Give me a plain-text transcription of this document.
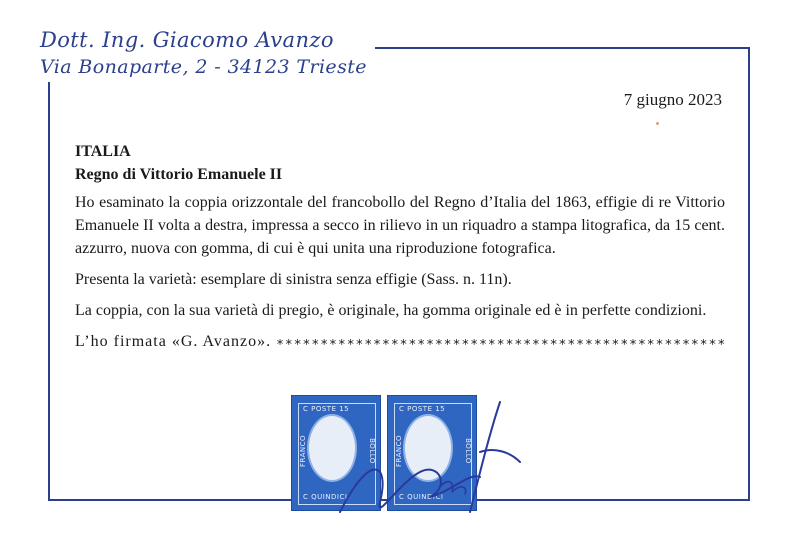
Dott. Ing. Giacomo Avanzo
Via Bonaparte, 2 - 34123 Trieste
7 giugno 2023
ITALIA
Regno di Vittorio Emanuele II

Ho esaminato la coppia orizzontale del francobollo del Regno d’Italia del 1863, effigie di re Vittorio Emanuele II volta a destra, impressa a secco in rilievo in un riquadro a stampa litografica, da 15 cent. azzurro, nuova con gomma, di cui è qui unita una riproduzione fotografica.

Presenta la varietà: esemplare di sinistra senza effigie (Sass. n. 11n).

La coppia, con la sua varietà di pregio, è originale, ha gomma originale ed è in perfette condizioni.

L’ho firmata «G. Avanzo». ∗∗∗∗∗∗∗∗∗∗∗∗∗∗∗∗∗∗∗∗∗∗∗∗∗∗∗∗∗∗∗∗∗∗∗∗∗∗∗∗∗∗∗∗∗∗∗∗∗∗∗
C POSTE 15
C QUINDICI
FRANCO	BOLLO
C POSTE 15
C QUINDICI
FRANCO	BOLLO
